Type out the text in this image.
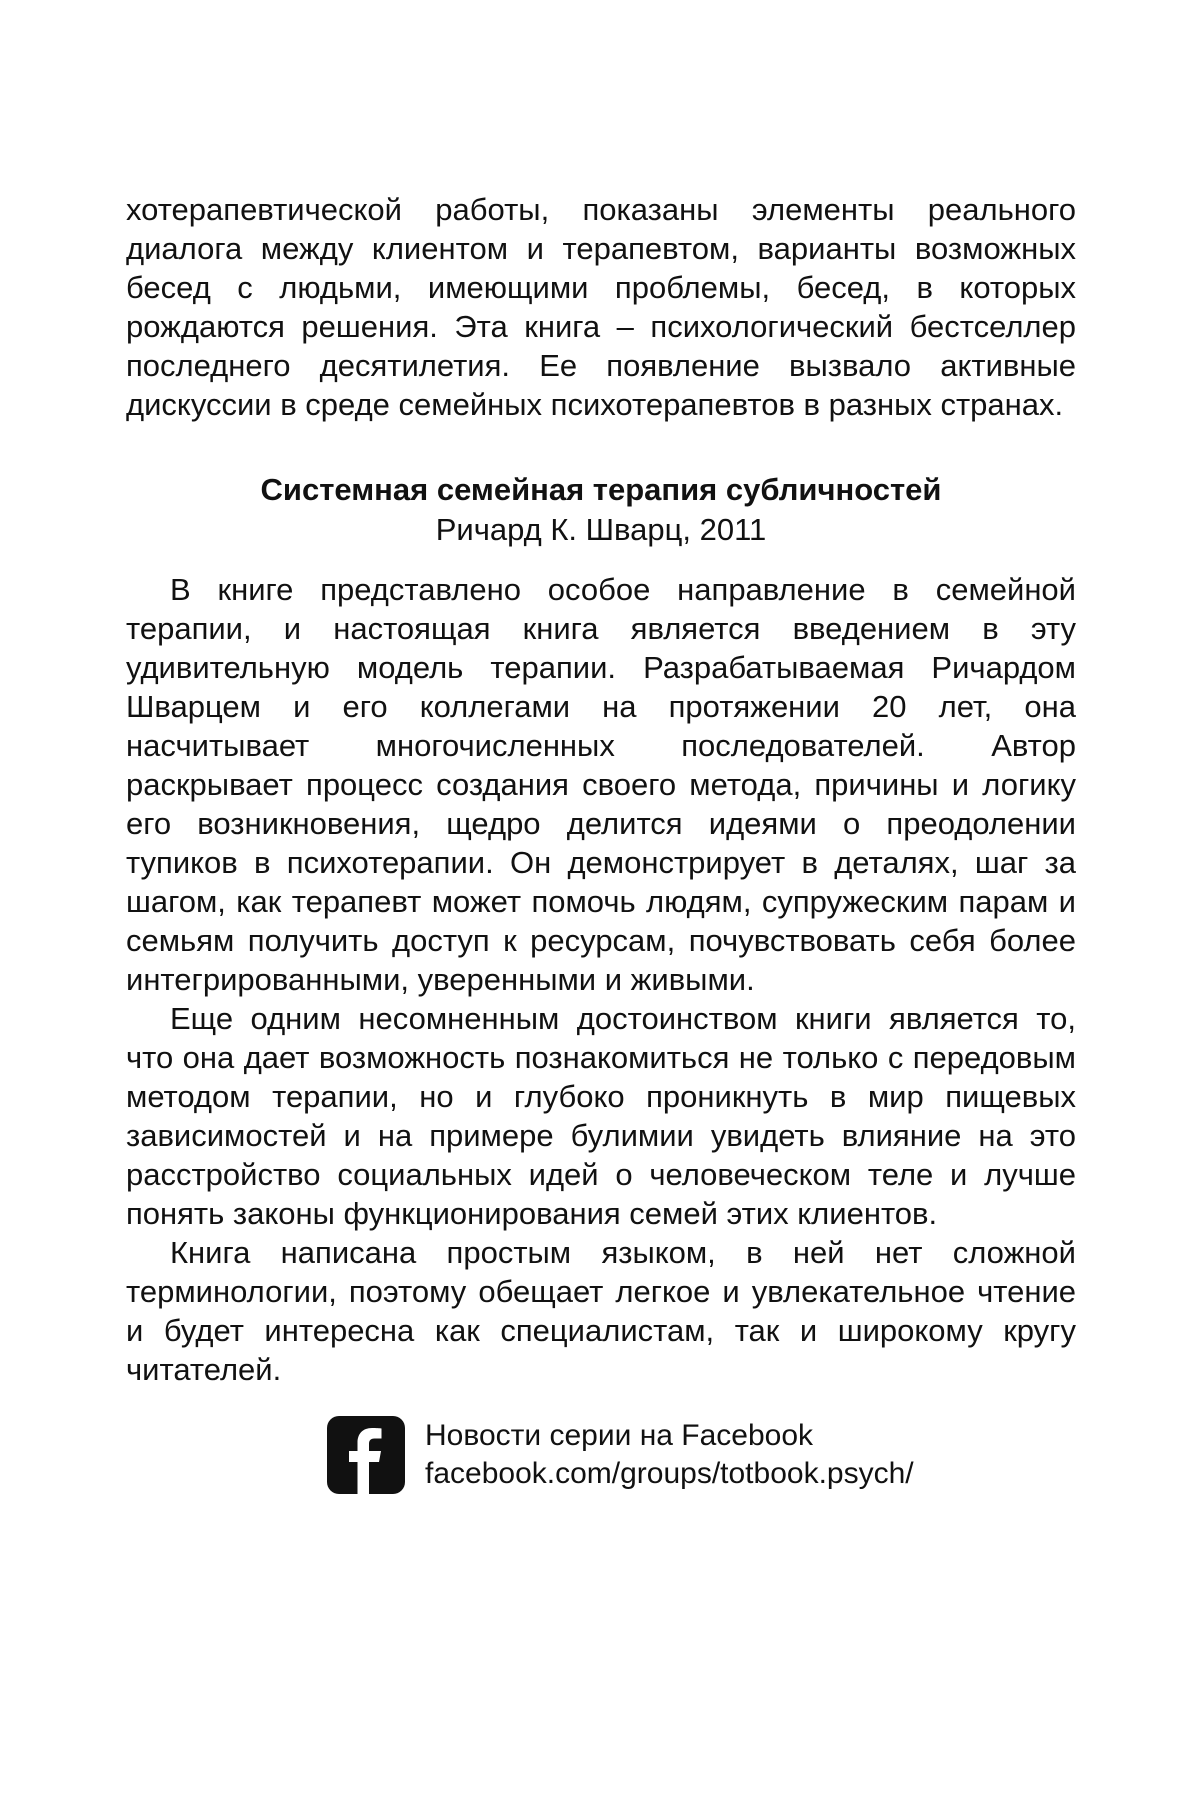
хотерапевтической работы, показаны элементы реального диалога между клиентом и терапевтом, варианты возможных бесед с людьми, имеющими проблемы, бесед, в которых рождаются решения. Эта книга – психологический бестселлер последнего десятилетия. Ее появление вызвало активные дискуссии в среде семейных психотерапевтов в разных странах.

Системная семейная терапия субличностей
Ричард К. Шварц, 2011

В книге представлено особое направление в семейной терапии, и настоящая книга является введением в эту удивительную модель терапии. Разрабатываемая Ричардом Шварцем и его коллегами на протяжении 20 лет, она насчитывает многочисленных последователей. Автор раскрывает процесс создания своего метода, причины и логику его возникновения, щедро делится идеями о преодолении тупиков в психотерапии. Он демонстрирует в деталях, шаг за шагом, как терапевт может помочь людям, супружеским парам и семьям получить доступ к ресурсам, почувствовать себя более интегрированными, уверенными и живыми.

Еще одним несомненным достоинством книги является то, что она дает возможность познакомиться не только с передовым методом терапии, но и глубоко проникнуть в мир пищевых зависимостей и на примере булимии увидеть влияние на это расстройство социальных идей о человеческом теле и лучше понять законы функционирования семей этих клиентов.

Книга написана простым языком, в ней нет сложной терминологии, поэтому обещает легкое и увлекательное чтение и будет интересна как специалистам, так и широкому кругу читателей.

Новости серии на Facebook
facebook.com/groups/totbook.psych/
